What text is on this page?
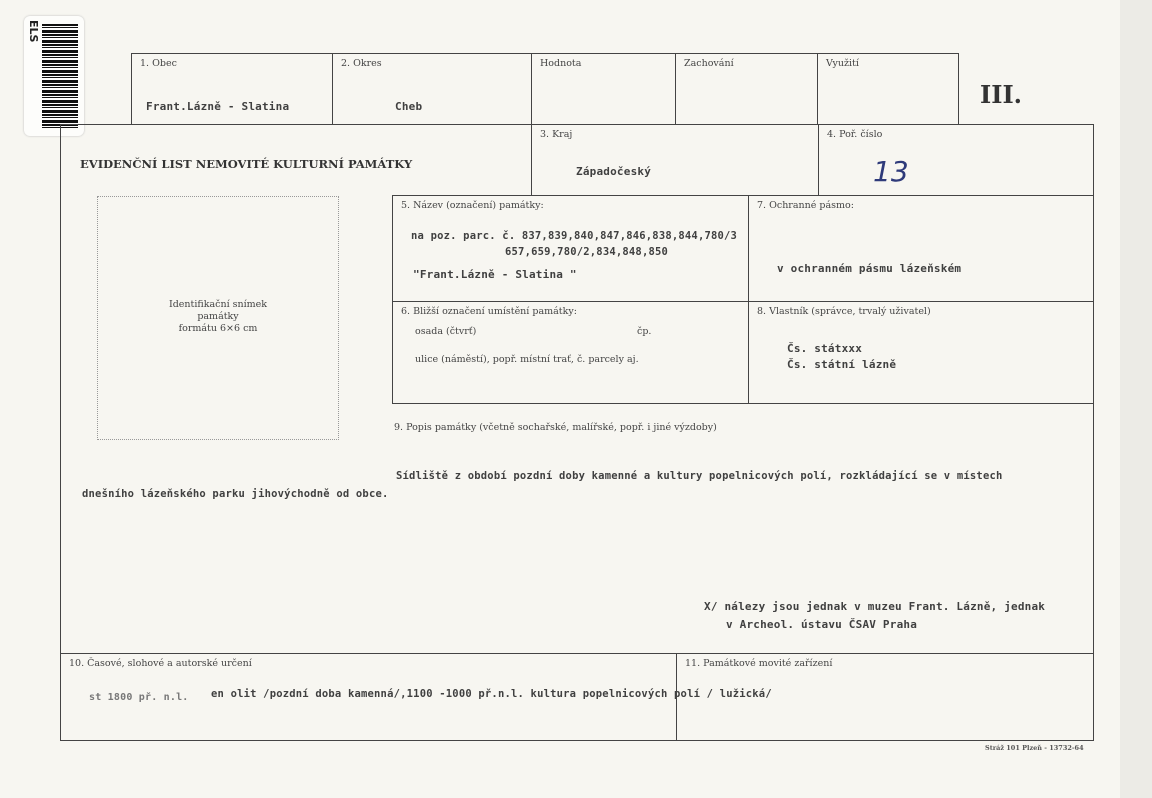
ELS
1. Obec
Frant.Lázně - Slatina
2. Okres
Cheb
Hodnota	Zachování	Využití
III.
EVIDENČNÍ LIST NEMOVITÉ KULTURNÍ PAMÁTKY
3. Kraj
Západočeský
4. Poř. číslo
13
Identifikační snímek
památky
formátu 6×6 cm
5. Název (označení) památky:
na poz. parc. č. 837,839,840,847,846,838,844,780/3
657,659,780/2,834,848,850
"Frant.Lázně - Slatina "
7. Ochranné pásmo:
v ochranném pásmu lázeňském
6. Bližší označení umístění památky:
osada (čtvrť)	čp.
ulice (náměstí), popř. místní trať, č. parcely aj.
8. Vlastník (správce, trvalý uživatel)
Čs. státxxx
Čs. státní lázně
9. Popis památky (včetně sochařské, malířské, popř. i jiné výzdoby)
Sídliště z období pozdní doby kamenné a kultury popelnicových polí, rozkládající se v místech
dnešního lázeňského parku jihovýchodně od obce.
X/ nálezy jsou jednak v muzeu Frant. Lázně, jednak
v Archeol. ústavu ČSAV Praha
10. Časové, slohové a autorské určení
st 1800 př. n.l. en olit /pozdní doba kamenná/,1100 -1000 př.n.l. kultura popelnicových polí / lužická/
11. Památkové movité zařízení
Stráž 101 Plzeň - 13732-64
